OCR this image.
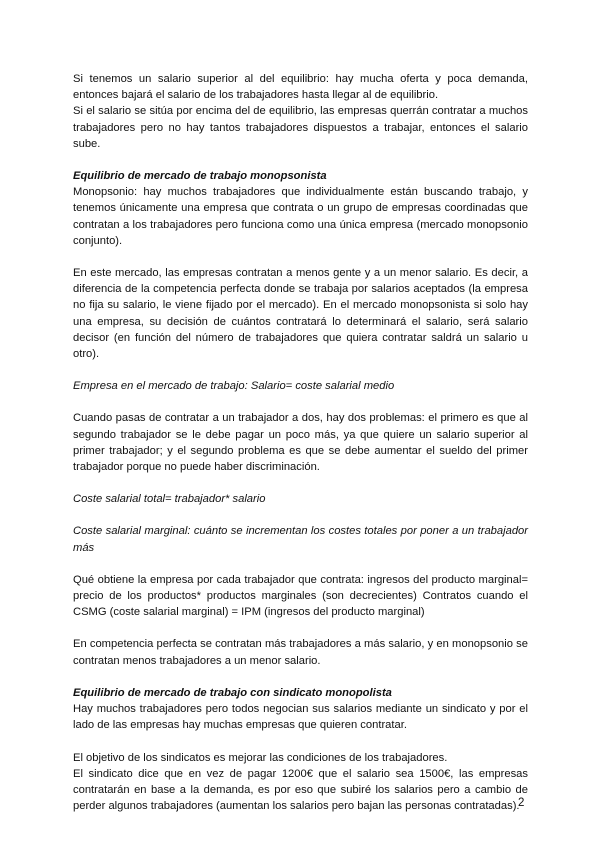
Si tenemos un salario superior al del equilibrio: hay mucha oferta y poca demanda, entonces bajará el salario de los trabajadores hasta llegar al de equilibrio.

Si el salario se sitúa por encima del de equilibrio, las empresas querrán contratar a muchos trabajadores pero no hay tantos trabajadores dispuestos a trabajar, entonces el salario sube.

Equilibrio de mercado de trabajo monopsonista

Monopsonio: hay muchos trabajadores que individualmente están buscando trabajo, y tenemos únicamente una empresa que contrata o un grupo de empresas coordinadas que contratan a los trabajadores pero funciona como una única empresa (mercado monopsonio conjunto).

En este mercado, las empresas contratan a menos gente y a un menor salario. Es decir, a diferencia de la competencia perfecta donde se trabaja por salarios aceptados (la empresa no fija su salario, le viene fijado por el mercado). En el mercado monopsonista si solo hay una empresa, su decisión de cuántos contratará lo determinará el salario, será salario decisor (en función del número de trabajadores que quiera contratar saldrá un salario u otro).

Empresa en el mercado de trabajo: Salario= coste salarial medio

Cuando pasas de contratar a un trabajador a dos, hay dos problemas: el primero es que al segundo trabajador se le debe pagar un poco más, ya que quiere un salario superior al primer trabajador; y el segundo problema es que se debe aumentar el sueldo del primer trabajador porque no puede haber discriminación.

Coste salarial total= trabajador* salario

Coste salarial marginal: cuánto se incrementan los costes totales por poner a un trabajador más

Qué obtiene la empresa por cada trabajador que contrata: ingresos del producto marginal= precio de los productos* productos marginales (son decrecientes) Contratos cuando el CSMG (coste salarial marginal) = IPM (ingresos del producto marginal)

En competencia perfecta se contratan más trabajadores a más salario, y en monopsonio se contratan menos trabajadores a un menor salario.

Equilibrio de mercado de trabajo con sindicato monopolista

Hay muchos trabajadores pero todos negocian sus salarios mediante un sindicato y por el lado de las empresas hay muchas empresas que quieren contratar.

El objetivo de los sindicatos es mejorar las condiciones de los trabajadores.

El sindicato dice que en vez de pagar 1200€ que el salario sea 1500€, las empresas contratarán en base a la demanda, es por eso que subiré los salarios pero a cambio de perder algunos trabajadores (aumentan los salarios pero bajan las personas contratadas).

2
